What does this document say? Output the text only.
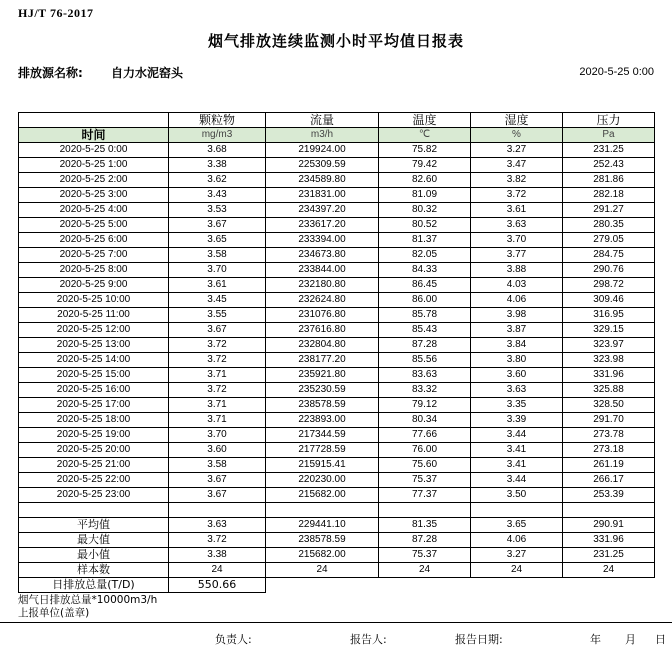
HJ/T 76-2017
烟气排放连续监测小时平均值日报表
排放源名称: 自力水泥窑头	2020-5-25 0:00
	颗粒物	流量	温度	湿度	压力
时间	mg/m3	m3/h	℃	%	Pa
2020-5-25 0:00	3.68	219924.00	75.82	3.27	231.25
2020-5-25 1:00	3.38	225309.59	79.42	3.47	252.43
2020-5-25 2:00	3.62	234589.80	82.60	3.82	281.86
2020-5-25 3:00	3.43	231831.00	81.09	3.72	282.18
2020-5-25 4:00	3.53	234397.20	80.32	3.61	291.27
2020-5-25 5:00	3.67	233617.20	80.52	3.63	280.35
2020-5-25 6:00	3.65	233394.00	81.37	3.70	279.05
2020-5-25 7:00	3.58	234673.80	82.05	3.77	284.75
2020-5-25 8:00	3.70	233844.00	84.33	3.88	290.76
2020-5-25 9:00	3.61	232180.80	86.45	4.03	298.72
2020-5-25 10:00	3.45	232624.80	86.00	4.06	309.46
2020-5-25 11:00	3.55	231076.80	85.78	3.98	316.95
2020-5-25 12:00	3.67	237616.80	85.43	3.87	329.15
2020-5-25 13:00	3.72	232804.80	87.28	3.84	323.97
2020-5-25 14:00	3.72	238177.20	85.56	3.80	323.98
2020-5-25 15:00	3.71	235921.80	83.63	3.60	331.96
2020-5-25 16:00	3.72	235230.59	83.32	3.63	325.88
2020-5-25 17:00	3.71	238578.59	79.12	3.35	328.50
2020-5-25 18:00	3.71	223893.00	80.34	3.39	291.70
2020-5-25 19:00	3.70	217344.59	77.66	3.44	273.78
2020-5-25 20:00	3.60	217728.59	76.00	3.41	273.18
2020-5-25 21:00	3.58	215915.41	75.60	3.41	261.19
2020-5-25 22:00	3.67	220230.00	75.37	3.44	266.17
2020-5-25 23:00	3.67	215682.00	77.37	3.50	253.39

平均值	3.63	229441.10	81.35	3.65	290.91
最大值	3.72	238578.59	87.28	4.06	331.96
最小值	3.38	215682.00	75.37	3.27	231.25
样本数	24	24	24	24	24
日排放总量(T/D)	550.66				
烟气日排放总量*10000m3/h
上报单位(盖章)
负责人:	报告人:	报告日期:	年 月 日
